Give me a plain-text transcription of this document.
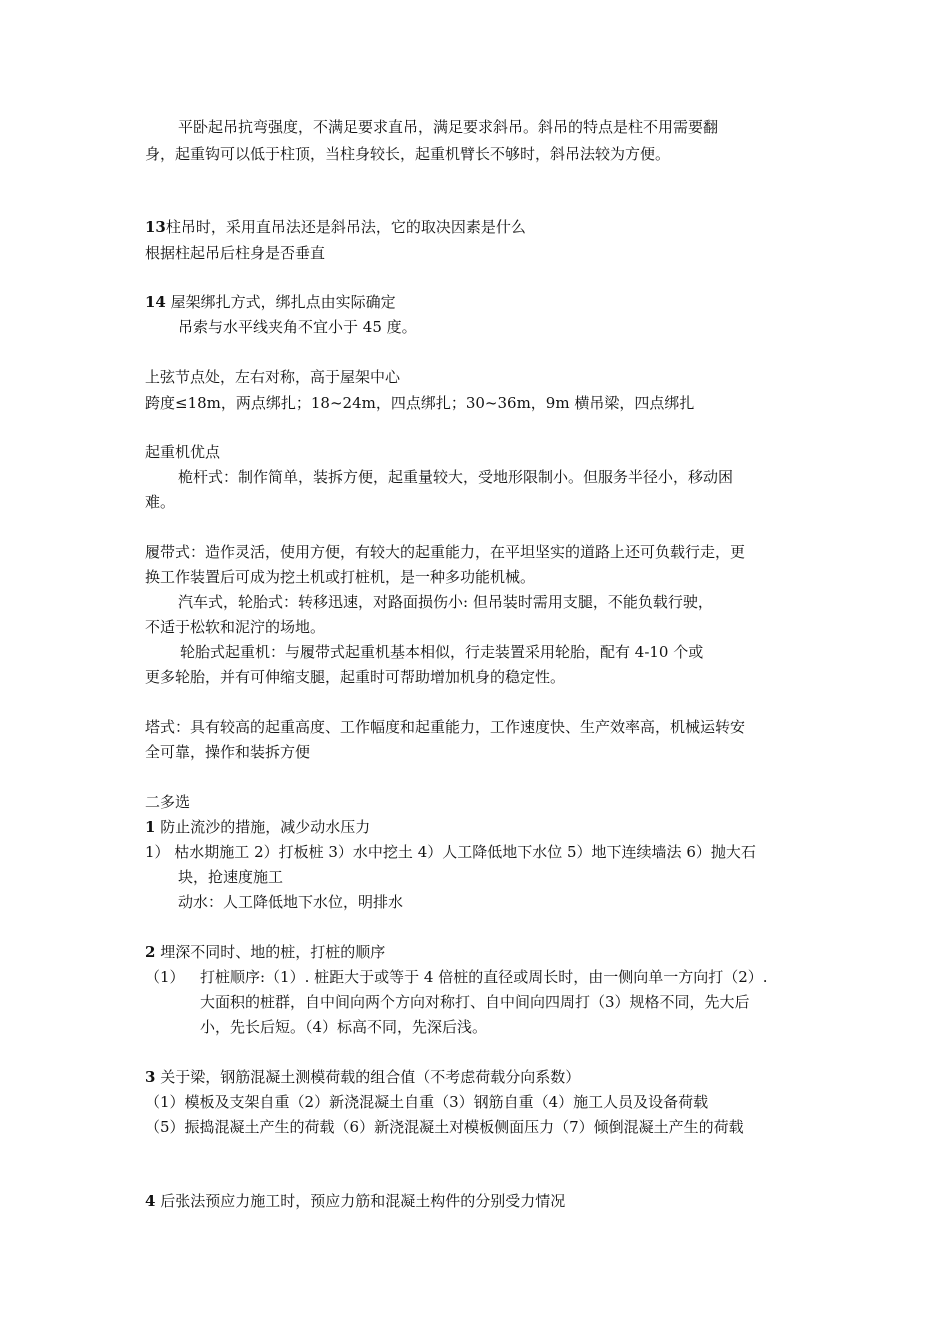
平卧起吊抗弯强度，不满足要求直吊，满足要求斜吊。斜吊的特点是柱不用需要翻
身，起重钩可以低于柱顶，当柱身较长，起重机臂长不够时，斜吊法较为方便。
13柱吊时，采用直吊法还是斜吊法，它的取决因素是什么
根据柱起吊后柱身是否垂直
14 屋架绑扎方式，绑扎点由实际确定
吊索与水平线夹角不宜小于 45 度。
上弦节点处，左右对称，高于屋架中心
跨度≤18m，两点绑扎；18~24m，四点绑扎；30~36m，9m 横吊梁，四点绑扎
起重机优点
桅杆式：制作简单，装拆方便，起重量较大，受地形限制小。但服务半径小，移动困
难。
履带式：造作灵活，使用方便，有较大的起重能力，在平坦坚实的道路上还可负载行走，更
换工作装置后可成为挖土机或打桩机，是一种多功能机械。
汽车式，轮胎式：转移迅速，对路面损伤小: 但吊装时需用支腿，不能负载行驶，
不适于松软和泥泞的场地。
轮胎式起重机：与履带式起重机基本相似，行走装置采用轮胎，配有 4-10 个或
更多轮胎，并有可伸缩支腿，起重时可帮助增加机身的稳定性。
塔式：具有较高的起重高度、工作幅度和起重能力，工作速度快、生产效率高，机械运转安
全可靠，操作和装拆方便
二多选
1 防止流沙的措施，减少动水压力
1） 枯水期施工 2）打板桩 3）水中挖土 4）人工降低地下水位 5）地下连续墙法 6）抛大石
块，抢速度施工
动水：人工降低地下水位，明排水
2 埋深不同时、地的桩，打桩的顺序
（1） 打桩顺序:（1）. 桩距大于或等于 4 倍桩的直径或周长时，由一侧向单一方向打（2）.
大面积的桩群，自中间向两个方向对称打、自中间向四周打（3）规格不同，先大后
小，先长后短。（4）标高不同，先深后浅。
3 关于梁，钢筋混凝土测模荷载的组合值（不考虑荷载分向系数）
（1）模板及支架自重（2）新浇混凝土自重（3）钢筋自重（4）施工人员及设备荷载
（5）振捣混凝土产生的荷载（6）新浇混凝土对模板侧面压力（7）倾倒混凝土产生的荷载
4 后张法预应力施工时，预应力筋和混凝土构件的分别受力情况
